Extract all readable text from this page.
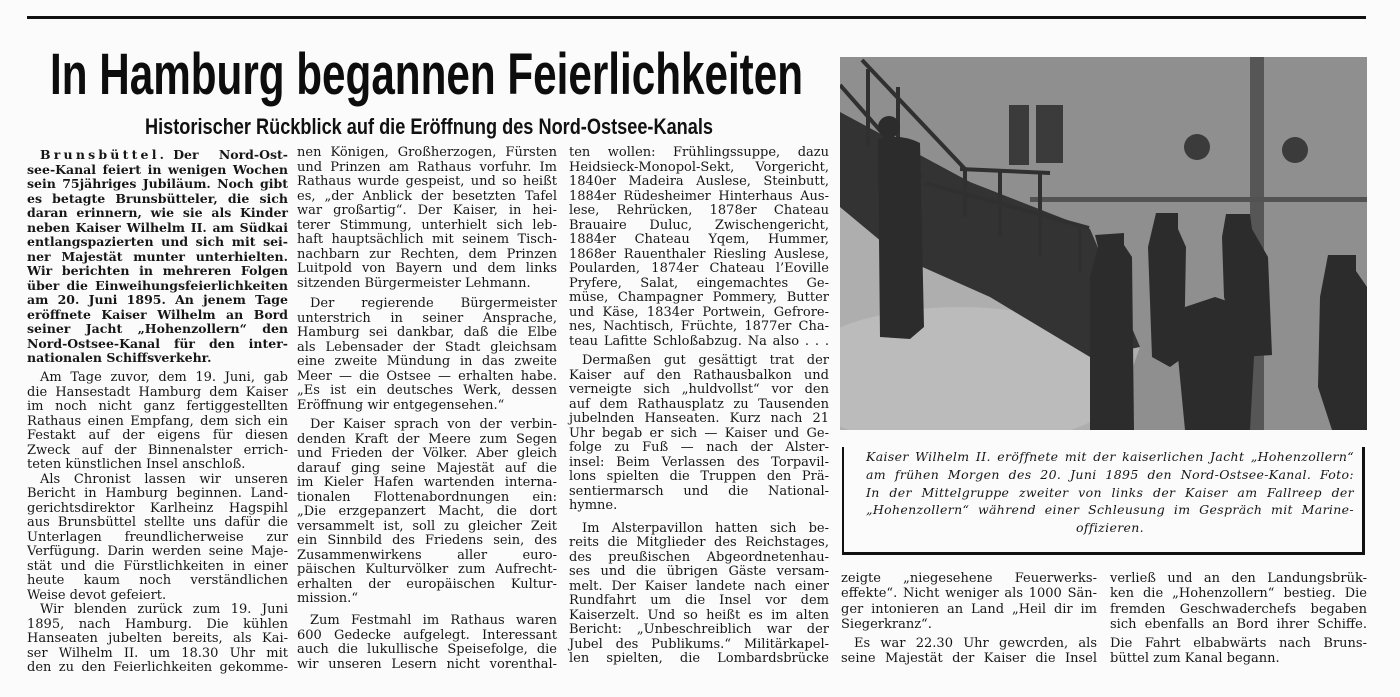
In Hamburg begannen Feierlichkeiten
Historischer Rückblick auf die Eröffnung des Nord-Ostsee-Kanals
Brunsbüttel. Der Nord-Ost-
see-Kanal feiert in wenigen Wochen
sein 75jähriges Jubiläum. Noch gibt
es betagte Brunsbütteler, die sich
daran erinnern, wie sie als Kinder
neben Kaiser Wilhelm II. am Südkai
entlangspazierten und sich mit sei-
ner Majestät munter unterhielten.
Wir berichten in mehreren Folgen
über die Einweihungsfeierlichkeiten
am 20. Juni 1895. An jenem Tage
eröffnete Kaiser Wilhelm an Bord
seiner Jacht „Hohenzollern“ den
Nord-Ostsee-Kanal für den inter-
nationalen Schiffsverkehr.
Am Tage zuvor, dem 19. Juni, gab
die Hansestadt Hamburg dem Kaiser
im noch nicht ganz fertiggestellten
Rathaus einen Empfang, dem sich ein
Festakt auf der eigens für diesen
Zweck auf der Binnenalster errich-
teten künstlichen Insel anschloß.
Als Chronist lassen wir unseren
Bericht in Hamburg beginnen. Land-
gerichtsdirektor Karlheinz Hagspihl
aus Brunsbüttel stellte uns dafür die
Unterlagen freundlicherweise zur
Verfügung. Darin werden seine Maje-
stät und die Fürstlichkeiten in einer
heute kaum noch verständlichen
Weise devot gefeiert.
Wir blenden zurück zum 19. Juni
1895, nach Hamburg. Die kühlen
Hanseaten jubelten bereits, als Kai-
ser Wilhelm II. um 18.30 Uhr mit
den zu den Feierlichkeiten gekomme-
nen Königen, Großherzogen, Fürsten
und Prinzen am Rathaus vorfuhr. Im
Rathaus wurde gespeist, und so heißt
es, „der Anblick der besetzten Tafel
war großartig“. Der Kaiser, in hei-
terer Stimmung, unterhielt sich leb-
haft hauptsächlich mit seinem Tisch-
nachbarn zur Rechten, dem Prinzen
Luitpold von Bayern und dem links
sitzenden Bürgermeister Lehmann.
Der regierende Bürgermeister
unterstrich in seiner Ansprache,
Hamburg sei dankbar, daß die Elbe
als Lebensader der Stadt gleichsam
eine zweite Mündung in das zweite
Meer — die Ostsee — erhalten habe.
„Es ist ein deutsches Werk, dessen
Eröffnung wir entgegensehen.“
Der Kaiser sprach von der verbin-
denden Kraft der Meere zum Segen
und Frieden der Völker. Aber gleich
darauf ging seine Majestät auf die
im Kieler Hafen wartenden interna-
tionalen Flottenabordnungen ein:
„Die erzgepanzert Macht, die dort
versammelt ist, soll zu gleicher Zeit
ein Sinnbild des Friedens sein, des
Zusammenwirkens aller euro-
päischen Kulturvölker zum Aufrecht-
erhalten der europäischen Kultur-
mission.“
Zum Festmahl im Rathaus waren
600 Gedecke aufgelegt. Interessant
auch die lukullische Speisefolge, die
wir unseren Lesern nicht vorenthal-
ten wollen: Frühlingssuppe, dazu
Heidsieck-Monopol-Sekt, Vorgericht,
1840er Madeira Auslese, Steinbutt,
1884er Rüdesheimer Hinterhaus Aus-
lese, Rehrücken, 1878er Chateau
Brauaire Duluc, Zwischengericht,
1884er Chateau Yqem, Hummer,
1868er Rauenthaler Riesling Auslese,
Poularden, 1874er Chateau l’Eoville
Pryfere, Salat, eingemachtes Ge-
müse, Champagner Pommery, Butter
und Käse, 1834er Portwein, Gefrore-
nes, Nachtisch, Früchte, 1877er Cha-
teau Lafitte Schloßabzug. Na also . . .
Dermaßen gut gesättigt trat der
Kaiser auf den Rathausbalkon und
verneigte sich „huldvollst“ vor den
auf dem Rathausplatz zu Tausenden
jubelnden Hanseaten. Kurz nach 21
Uhr begab er sich — Kaiser und Ge-
folge zu Fuß — nach der Alster-
insel: Beim Verlassen des Torpavil-
lons spielten die Truppen den Prä-
sentiermarsch und die National-
hymne.
Im Alsterpavillon hatten sich be-
reits die Mitglieder des Reichstages,
des preußischen Abgeordnetenhau-
ses und die übrigen Gäste versam-
melt. Der Kaiser landete nach einer
Rundfahrt um die Insel vor dem
Kaiserzelt. Und so heißt es im alten
Bericht: „Unbeschreiblich war der
Jubel des Publikums.“ Militärkapel-
len spielten, die Lombardsbrücke
zeigte „niegesehene Feuerwerks-
effekte“. Nicht weniger als 1000 Sän-
ger intonieren an Land „Heil dir im
Siegerkranz“.
Es war 22.30 Uhr gewcrden, als
seine Majestät der Kaiser die Insel
verließ und an den Landungsbrük-
ken die „Hohenzollern“ bestieg. Die
fremden Geschwaderchefs begaben
sich ebenfalls an Bord ihrer Schiffe.
Die Fahrt elbabwärts nach Bruns-
büttel zum Kanal begann.
Kaiser Wilhelm II. eröffnete mit der kaiserlichen Jacht „Hohenzollern“
am frühen Morgen des 20. Juni 1895 den Nord-Ostsee-Kanal. Foto:
In der Mittelgruppe zweiter von links der Kaiser am Fallreep der
„Hohenzollern“ während einer Schleusung im Gespräch mit Marine-
offizieren.
